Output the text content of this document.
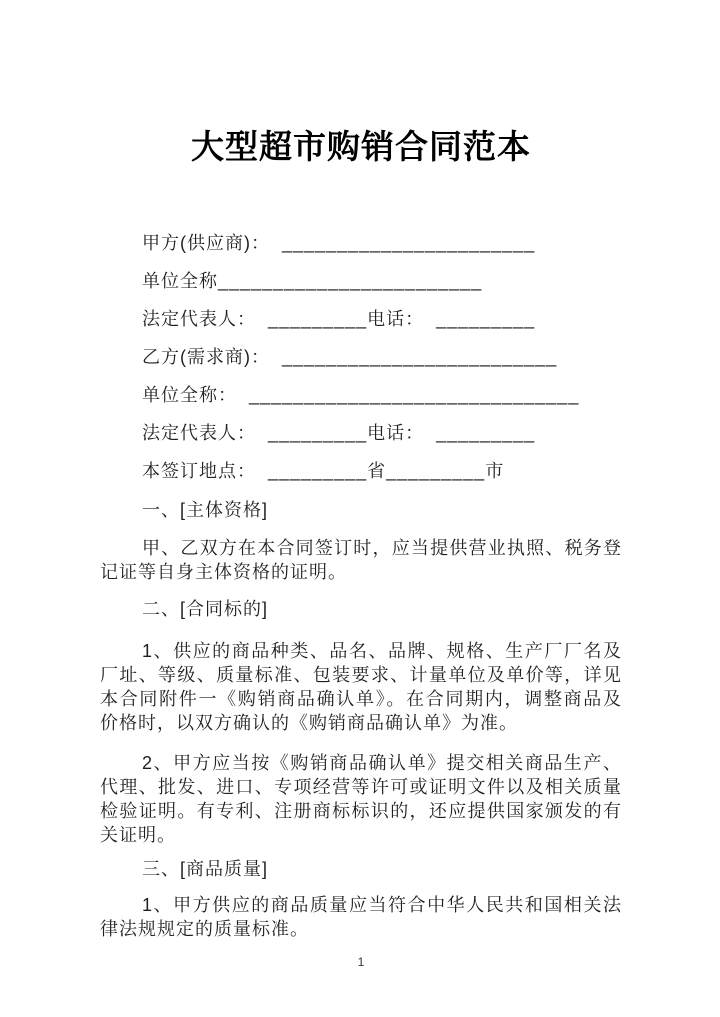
大型超市购销合同范本
甲方(供应商)：  _______________________
单位全称________________________
法定代表人：  _________电话：  _________
乙方(需求商)：  _________________________
单位全称：  ______________________________
法定代表人：  _________电话：  _________
本签订地点：  _________省_________市

一、[主体资格]

甲、乙双方在本合同签订时，应当提供营业执照、税务登记证等自身主体资格的证明。

二、[合同标的]

1、供应的商品种类、品名、品牌、规格、生产厂厂名及厂址、等级、质量标准、包装要求、计量单位及单价等，详见本合同附件一《购销商品确认单》。在合同期内，调整商品及价格时，以双方确认的《购销商品确认单》为准。

2、甲方应当按《购销商品确认单》提交相关商品生产、代理、批发、进口、专项经营等许可或证明文件以及相关质量检验证明。有专利、注册商标标识的，还应提供国家颁发的有关证明。

三、[商品质量]

1、甲方供应的商品质量应当符合中华人民共和国相关法律法规规定的质量标准。

1
